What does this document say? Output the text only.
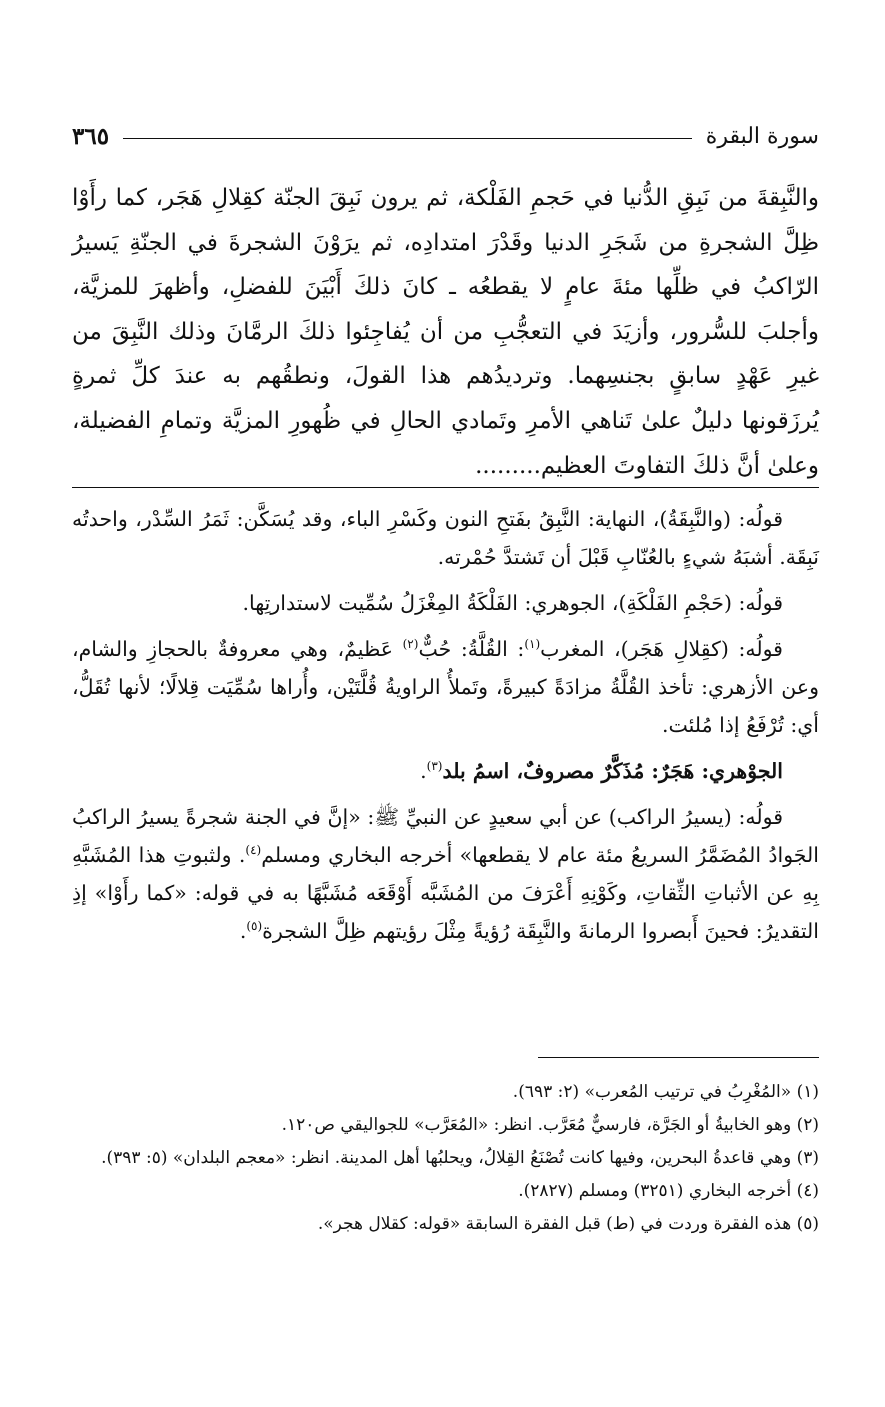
سورة البقرة
٣٦٥

والنَّبِقةَ من نَبِقِ الدُّنيا في حَجمِ الفَلْكة، ثم يرون نَبِقَ الجنّة كقِلالِ هَجَر، كما رأَوْا ظِلَّ الشجرةِ من شَجَرِ الدنيا وقَدْرَ امتدادِه، ثم يرَوْنَ الشجرةَ في الجنّةِ يَسيرُ الرّاكبُ في ظلِّها مئةَ عامٍ لا يقطعُه ـ كانَ ذلكَ أَبْيَنَ للفضلِ، وأظهرَ للمزيَّة، وأجلبَ للسُّرور، وأزيَدَ في التعجُّبِ من أن يُفاجِئوا ذلكَ الرمَّانَ وذلك النَّبِقَ من غيرِ عَهْدٍ سابقٍ بجنسِهما. وترديدُهم هذا القولَ، ونطقُهم به عندَ كلِّ ثمرةٍ يُرزَقونها دليلٌ علىٰ تَناهي الأمرِ وتَمادي الحالِ في ظُهورِ المزيَّة وتمامِ الفضيلة، وعلىٰ أنَّ ذلكَ التفاوتَ العظيم.........

قولُه: (والنَّبِقَةُ)، النهاية: النَّبِقُ بفَتحِ النون وكَسْرِ الباء، وقد يُسَكَّن: ثَمَرُ السِّدْر، واحدتُه نَبِقَة. أشبَهُ شيءٍ بالعُنّابِ قَبْلَ أن تَشتدَّ حُمْرته.

قولُه: (حَجْمِ الفَلْكَةِ)، الجوهري: الفَلْكَةُ المِغْزَلُ سُمِّيت لاستدارتِها.

قولُه: (كقِلالِ هَجَر)، المغرب$^{(١)}$: القُلَّةُ: حُبٌّ$^{(٢)}$ عَظيمٌ، وهي معروفةٌ بالحجازِ والشام، وعن الأزهري: تأخذ القُلَّةُ مزادَةً كبيرةً، وتَملأُ الراويةُ قُلَّتَيْن، وأُراها سُمِّيَت قِلالًا؛ لأنها تُقَلُّ، أي: تُرْفَعُ إذا مُلئت.

الجوْهري: هَجَرٌ: مُذَكَّرٌ مصروفٌ، اسمُ بلد$^{(٣)}$.

قولُه: (يسيرُ الراكب) عن أبي سعيدٍ عن النبيِّ ﷺ: «إنَّ في الجنة شجرةً يسيرُ الراكبُ الجَوادُ المُضَمَّرُ السريعُ مئة عام لا يقطعها» أخرجه البخاري ومسلم$^{(٤)}$. ولثبوتِ هذا المُشَبَّهِ بِهِ عن الأثباتِ الثِّقاتِ، وكَوْنِهِ أَعْرَفَ من المُشَبَّه أَوْقَعَه مُشَبَّهًا به في قوله: «كما رأَوْا» إذِ التقديرُ: فحينَ أَبصروا الرمانةَ والنَّبِقَة رُؤيةً مِثْلَ رؤيتهم ظِلَّ الشجرة$^{(٥)}$.

(١) «المُغْرِبُ في ترتيب المُعرب» (٢: ٦٩٣).

(٢) وهو الخابيةُ أو الجَرَّة، فارسيٌّ مُعَرَّب. انظر: «المُعَرَّب» للجواليقي ص١٢٠.

(٣) وهي قاعدةُ البحرين، وفيها كانت تُصْنَعُ القِلالُ، ويحلبُها أهل المدينة. انظر: «معجم البلدان» (٥: ٣٩٣).

(٤) أخرجه البخاري (٣٢٥١) ومسلم (٢٨٢٧).

(٥) هذه الفقرة وردت في (ط) قبل الفقرة السابقة «قوله: كقلال هجر».
